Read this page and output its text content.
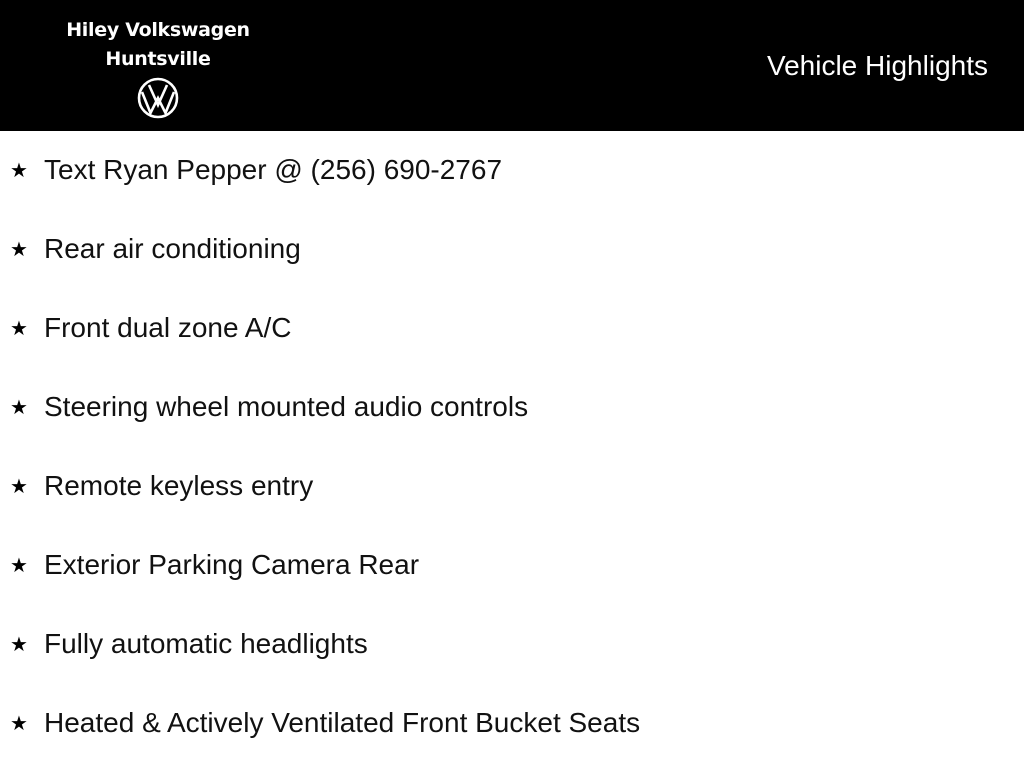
Hiley Volkswagen
Huntsville	Vehicle Highlights
★ Text Ryan Pepper @ (256) 690-2767
★ Rear air conditioning
★ Front dual zone A/C
★ Steering wheel mounted audio controls
★ Remote keyless entry
★ Exterior Parking Camera Rear
★ Fully automatic headlights
★ Heated & Actively Ventilated Front Bucket Seats
